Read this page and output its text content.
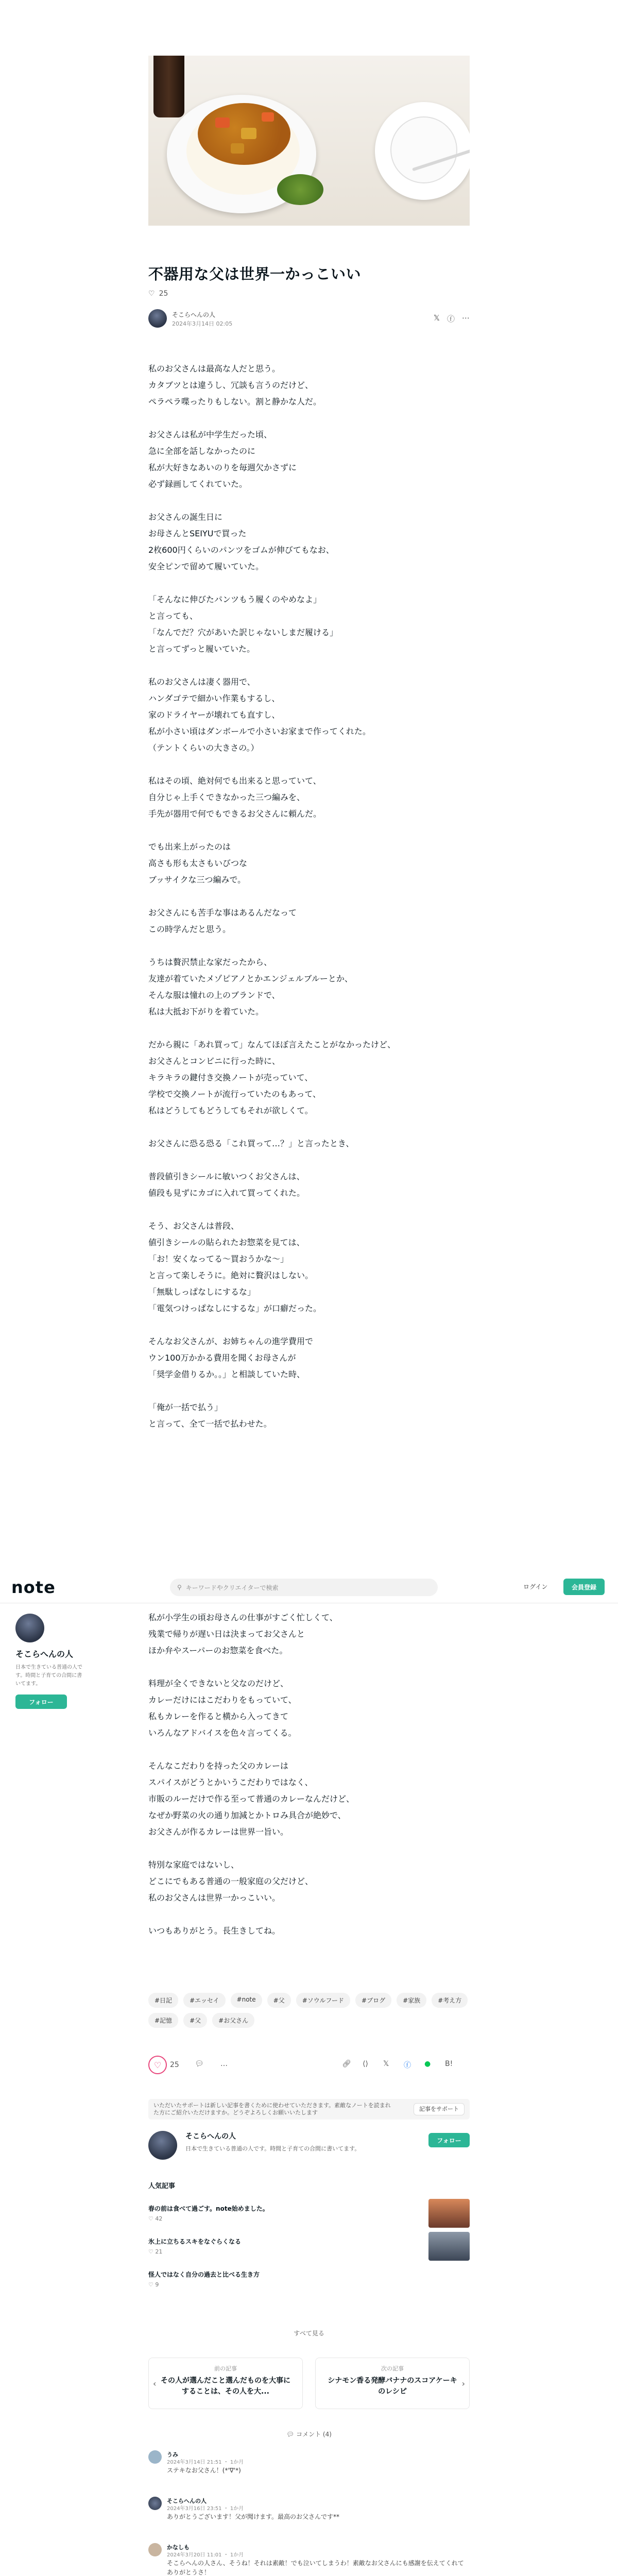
不器用な父は世界一かっこいい
♡ 25
そこらへんの人
2024年3月14日 02:05
𝕏 ⓕ ⋯
私のお父さんは最高な人だと思う。
カタブツとは違うし、冗談も言うのだけど、
ペラペラ喋ったりもしない。割と静かな人だ。
お父さんは私が中学生だった頃、
急に全部を話しなかったのに
私が大好きなあいのりを毎週欠かさずに
必ず録画してくれていた。
お父さんの誕生日に
お母さんとSEIYUで買った
2枚600円くらいのパンツをゴムが伸びてもなお、
安全ピンで留めて履いていた。
「そんなに伸びたパンツもう履くのやめなよ」
と言っても、
「なんでだ？穴があいた訳じゃないしまだ履ける」
と言ってずっと履いていた。
私のお父さんは凄く器用で、
ハンダゴテで細かい作業もするし、
家のドライヤーが壊れても直すし、
私が小さい頃はダンボールで小さいお家まで作ってくれた。
（テントくらいの大きさの。）
私はその頃、絶対何でも出来ると思っていて、
自分じゃ上手くできなかった三つ編みを、
手先が器用で何でもできるお父さんに頼んだ。
でも出来上がったのは
高さも形も太さもいびつな
ブッサイクな三つ編みで。
お父さんにも苦手な事はあるんだなって
この時学んだと思う。
うちは贅沢禁止な家だったから、
友達が着ていたメゾピアノとかエンジェルブルーとか、
そんな服は憧れの上のブランドで、
私は大抵お下がりを着ていた。
だから親に「あれ買って」なんてほぼ言えたことがなかったけど、
お父さんとコンビニに行った時に、
キラキラの鍵付き交換ノートが売っていて、
学校で交換ノートが流行っていたのもあって、
私はどうしてもどうしてもそれが欲しくて。
お父さんに恐る恐る「これ買って…？」と言ったとき、
普段値引きシールに敏いつくお父さんは、
値段も見ずにカゴに入れて買ってくれた。
そう、お父さんは普段、
値引きシールの貼られたお惣菜を見ては、
「お！安くなってる〜買おうかな〜」
と言って楽しそうに。絶対に贅沢はしない。
「無駄しっぱなしにするな」
「電気つけっぱなしにするな」が口癖だった。
そんなお父さんが、お姉ちゃんの進学費用で
ウン100万かかる費用を聞くお母さんが
「奨学金借りるか。。」と相談していた時、
「俺が一括で払う」
と言って、全て一括で払わせた。
私が小学生の頃お母さんの仕事がすごく忙しくて、
残業で帰りが遅い日は決まってお父さんと
ほか弁やスーパーのお惣菜を食べた。
料理が全くできないと父なのだけど、
カレーだけにはこだわりをもっていて、
私もカレーを作ると横から入ってきて
いろんなアドバイスを色々言ってくる。
そんなこだわりを持った父のカレーは
スパイスがどうとかいうこだわりではなく、
市販のルーだけで作る至って普通のカレーなんだけど、
なぜか野菜の火の通り加減とかトロみ具合が絶妙で、
お父さんが作るカレーは世界一旨い。
特別な家庭ではないし、
どこにでもある普通の一般家庭の父だけど、
私のお父さんは世界一かっこいい。
いつもありがとう。長生きしてね。
note	⚲ キーワードやクリエイターで検索	ログイン	会員登録
そこらへんの人
日本で生きている普通の人です。時間と子育ての合間に書いてます。
フォロー
#日記	#エッセイ	#note	#父	#ソウルフード	#ブログ	#家族	#考え方
#記憶	#父	#お父さん
♡	25 💬︎ …	🔗︎ ⟨⟩ 𝕏 ⓕ ● B!
いただいたサポートは新しい記事を書くために使わせていただきます。素敵なノートを読まれた方にご紹介いただけますか。どうぞよろしくお願いいたします
記事をサポート
そこらへんの人
日本で生きている普通の人です。時間と子育ての合間に書いてます。
フォロー
人気記事
春の前は食べて過ごす。note始めました。
♡ 42
氷上に立ちるスキをなぐらくなる
♡ 21
怪人ではなく自分の過去と比べる生き方
♡ 9
すべて見る
‹
前の記事
その人が選んだこと選んだものを大事にすることは、その人を大...
›
次の記事
シナモン香る発酵バナナのスコアケーキのレシピ
💬︎ コメント (4)
うみ
2024年3月14日 21:51 ・ 1か月
ステキなお父さん！(*'∇'*)
そこらへんの人
2024年3月16日 23:51 ・ 1か月
ありがとうございます！父が聞けます。最高のお父さんです**
かなしも
2024年3月20日 11:01 ・ 1か月
そこらへんの人さん、そうね！それは素敵！でも泣いてしまうわ！素敵なお父さんにも感謝を伝えてくれてありがとうさ！
